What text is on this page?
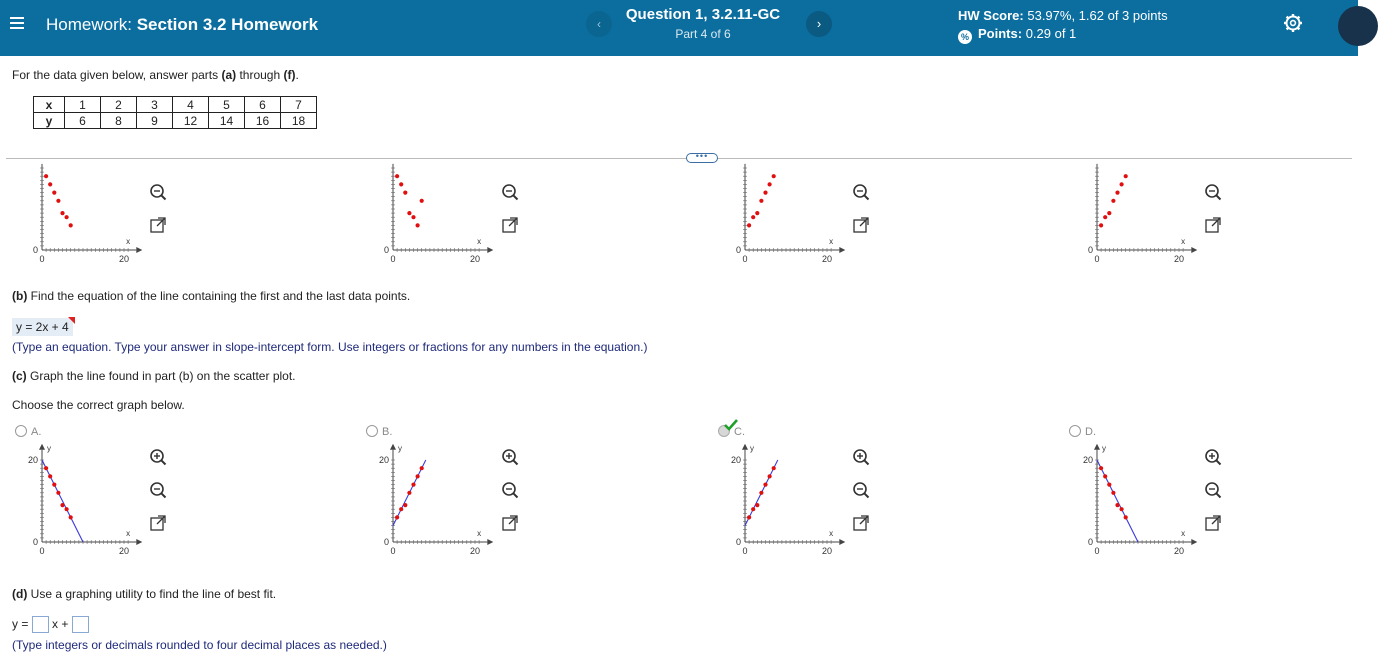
Homework: Section 3.2 Homework	‹
Question 1, 3.2.11-GC
Part 4 of 6
›
HW Score: 53.97%, 1.62 of 3 points
% Points: 0.29 of 1
For the data given below, answer parts (a) through (f).
x	1	2	3	4	5	6	7
y	6	8	9	12	14	16	18
•••
0
0	20
x
0
0	20
x
0
0	20
x
0
0	20
x
(b) Find the equation of the line containing the first and the last data points.
y = 2x + 4
(Type an equation. Type your answer in slope-intercept form. Use integers or fractions for any numbers in the equation.)
(c) Graph the line found in part (b) on the scatter plot.
Choose the correct graph below.
A.	B.	C.	D.
0
0	20
x
20
y
0
0	20
x
20
y
0
0	20
x
20
y
0
0	20
x
20
y
(d) Use a graphing utility to find the line of best fit.
y = x +
(Type integers or decimals rounded to four decimal places as needed.)
